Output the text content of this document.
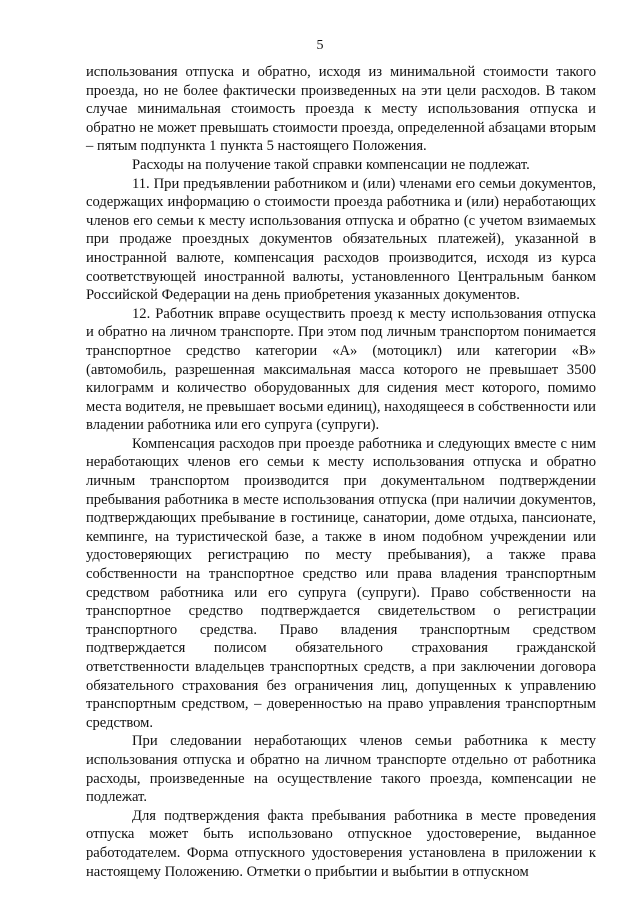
5

использования отпуска и обратно, исходя из минимальной стоимости такого проезда, но не более фактически произведенных на эти цели расходов. В таком случае минимальная стоимость проезда к месту использования отпуска и обратно не может превышать стоимости проезда, определенной абзацами вторым – пятым подпункта 1 пункта 5 настоящего Положения.

Расходы на получение такой справки компенсации не подлежат.

11. При предъявлении работником и (или) членами его семьи документов, содержащих информацию о стоимости проезда работника и (или) неработающих членов его семьи к месту использования отпуска и обратно (с учетом взимаемых при продаже проездных документов обязательных платежей), указанной в иностранной валюте, компенсация расходов производится, исходя из курса соответствующей иностранной валюты, установленного Центральным банком Российской Федерации на день приобретения указанных документов.

12. Работник вправе осуществить проезд к месту использования отпуска и обратно на личном транспорте. При этом под личным транспортом понимается транспортное средство категории «А» (мотоцикл) или категории «В» (автомобиль, разрешенная максимальная масса которого не превышает 3500 килограмм и количество оборудованных для сидения мест которого, помимо места водителя, не превышает восьми единиц), находящееся в собственности или владении работника или его супруга (супруги).

Компенсация расходов при проезде работника и следующих вместе с ним неработающих членов его семьи к месту использования отпуска и обратно личным транспортом производится при документальном подтверждении пребывания работника в месте использования отпуска (при наличии документов, подтверждающих пребывание в гостинице, санатории, доме отдыха, пансионате, кемпинге, на туристической базе, а также в ином подобном учреждении или удостоверяющих регистрацию по месту пребывания), а также права собственности на транспортное средство или права владения транспортным средством работника или его супруга (супруги). Право собственности на транспортное средство подтверждается свидетельством о регистрации транспортного средства. Право владения транспортным средством подтверждается полисом обязательного страхования гражданской ответственности владельцев транспортных средств, а при заключении договора обязательного страхования без ограничения лиц, допущенных к управлению транспортным средством, – доверенностью на право управления транспортным средством.

При следовании неработающих членов семьи работника к месту использования отпуска и обратно на личном транспорте отдельно от работника расходы, произведенные на осуществление такого проезда, компенсации не подлежат.

Для подтверждения факта пребывания работника в месте проведения отпуска может быть использовано отпускное удостоверение, выданное работодателем. Форма отпускного удостоверения установлена в приложении к настоящему Положению. Отметки о прибытии и выбытии в отпускном
